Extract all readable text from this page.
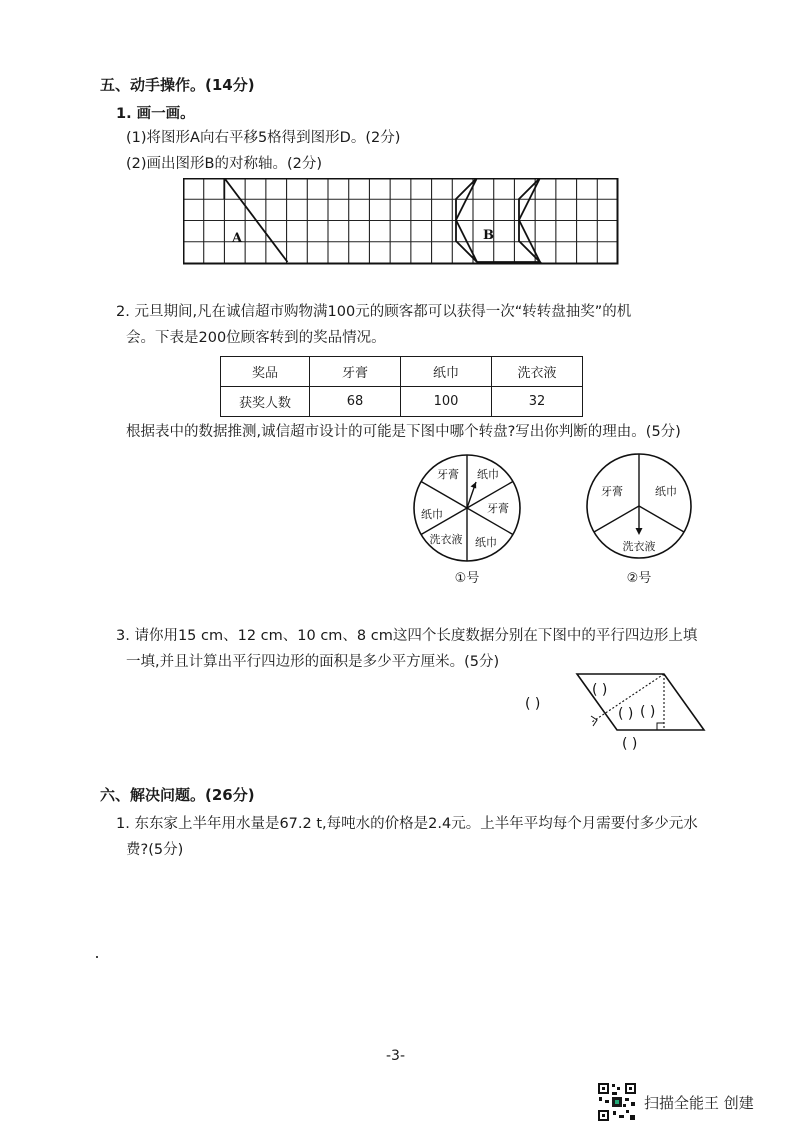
五、动手操作。(14分)
1. 画一画。
(1)将图形A向右平移5格得到图形D。(2分)
(2)画出图形B的对称轴。(2分)
A	B
2. 元旦期间,凡在诚信超市购物满100元的顾客都可以获得一次“转转盘抽奖”的机
会。下表是200位顾客转到的奖品情况。
奖品	牙膏	纸巾	洗衣液
获奖人数	68	100	32
根据表中的数据推测,诚信超市设计的可能是下图中哪个转盘?写出你判断的理由。(5分)
牙膏 纸巾
牙膏
纸巾
洗衣液
纸巾
①号
牙膏	纸巾
洗衣液
②号
3. 请你用15 cm、12 cm、10 cm、8 cm这四个长度数据分别在下图中的平行四边形上填
一填,并且计算出平行四边形的面积是多少平方厘米。(5分)
( )
( )
( ) ( )
( )
六、解决问题。(26分)
1. 东东家上半年用水量是67.2 t,每吨水的价格是2.4元。上半年平均每个月需要付多少元水
费?(5分)
-3-
扫描全能王 创建
